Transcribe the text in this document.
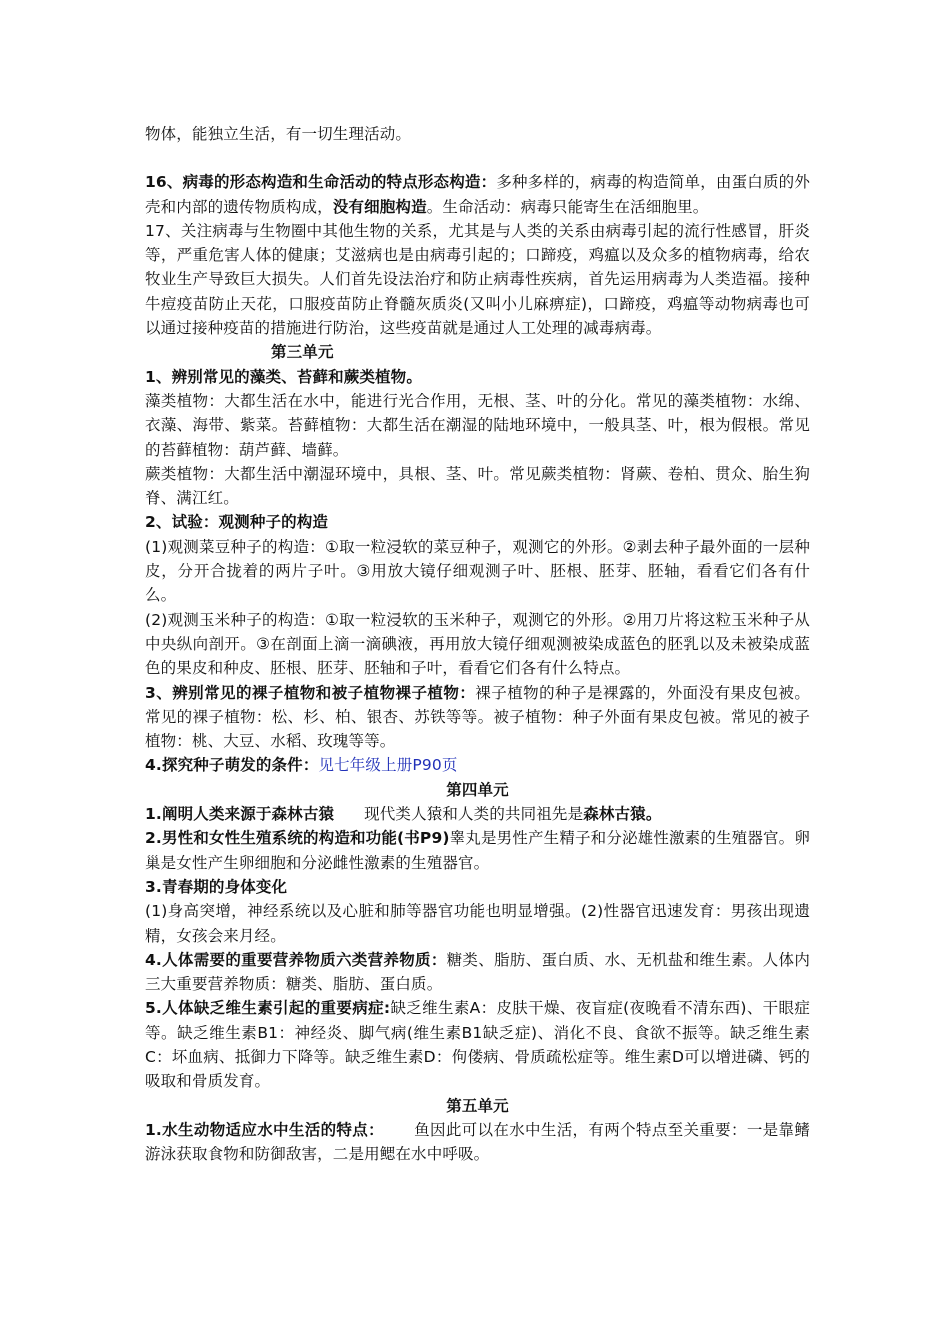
物体，能独立生活，有一切生理活动。

16、病毒的形态构造和生命活动的特点形态构造：多种多样的，病毒的构造简单，由蛋白质的外壳和内部的遗传物质构成，没有细胞构造。生命活动：病毒只能寄生在活细胞里。

17、关注病毒与生物圈中其他生物的关系，尤其是与人类的关系由病毒引起的流行性感冒，肝炎等，严重危害人体的健康；艾滋病也是由病毒引起的；口蹄疫，鸡瘟以及众多的植物病毒，给农牧业生产导致巨大损失。人们首先设法治疗和防止病毒性疾病，首先运用病毒为人类造福。接种牛痘疫苗防止天花，口服疫苗防止脊髓灰质炎(又叫小儿麻痹症)，口蹄疫，鸡瘟等动物病毒也可以通过接种疫苗的措施进行防治，这些疫苗就是通过人工处理的减毒病毒。

第三单元

1、辨别常见的藻类、苔藓和蕨类植物。

藻类植物：大都生活在水中，能进行光合作用，无根、茎、叶的分化。常见的藻类植物：水绵、衣藻、海带、紫菜。苔藓植物：大都生活在潮湿的陆地环境中，一般具茎、叶，根为假根。常见的苔藓植物：葫芦藓、墙藓。

蕨类植物：大都生活中潮湿环境中，具根、茎、叶。常见蕨类植物：肾蕨、卷柏、贯众、胎生狗脊、满江红。

2、试验：观测种子的构造

(1)观测菜豆种子的构造：①取一粒浸软的菜豆种子，观测它的外形。②剥去种子最外面的一层种皮，分开合拢着的两片子叶。③用放大镜仔细观测子叶、胚根、胚芽、胚轴，看看它们各有什么。

(2)观测玉米种子的构造：①取一粒浸软的玉米种子，观测它的外形。②用刀片将这粒玉米种子从中央纵向剖开。③在剖面上滴一滴碘液，再用放大镜仔细观测被染成蓝色的胚乳以及未被染成蓝色的果皮和种皮、胚根、胚芽、胚轴和子叶，看看它们各有什么特点。

3、辨别常见的裸子植物和被子植物裸子植物：裸子植物的种子是裸露的，外面没有果皮包被。常见的裸子植物：松、杉、柏、银杏、苏铁等等。被子植物：种子外面有果皮包被。常见的被子植物：桃、大豆、水稻、玫瑰等等。

4.探究种子萌发的条件：见七年级上册P90页

第四单元

1.阐明人类来源于森林古猿 现代类人猿和人类的共同祖先是森林古猿。

2.男性和女性生殖系统的构造和功能(书P9)睾丸是男性产生精子和分泌雄性激素的生殖器官。卵巢是女性产生卵细胞和分泌雌性激素的生殖器官。

3.青春期的身体变化

(1)身高突增，神经系统以及心脏和肺等器官功能也明显增强。(2)性器官迅速发育：男孩出现遗精，女孩会来月经。

4.人体需要的重要营养物质六类营养物质：糖类、脂肪、蛋白质、水、无机盐和维生素。人体内三大重要营养物质：糖类、脂肪、蛋白质。

5.人体缺乏维生素引起的重要病症:缺乏维生素A：皮肤干燥、夜盲症(夜晚看不清东西)、干眼症等。缺乏维生素B1：神经炎、脚气病(维生素B1缺乏症)、消化不良、食欲不振等。缺乏维生素C：坏血病、抵御力下降等。缺乏维生素D：佝偻病、骨质疏松症等。维生素D可以增进磷、钙的吸取和骨质发育。

第五单元

1.水生动物适应水中生活的特点： 鱼因此可以在水中生活，有两个特点至关重要：一是靠鳍游泳获取食物和防御敌害，二是用鳃在水中呼吸。
